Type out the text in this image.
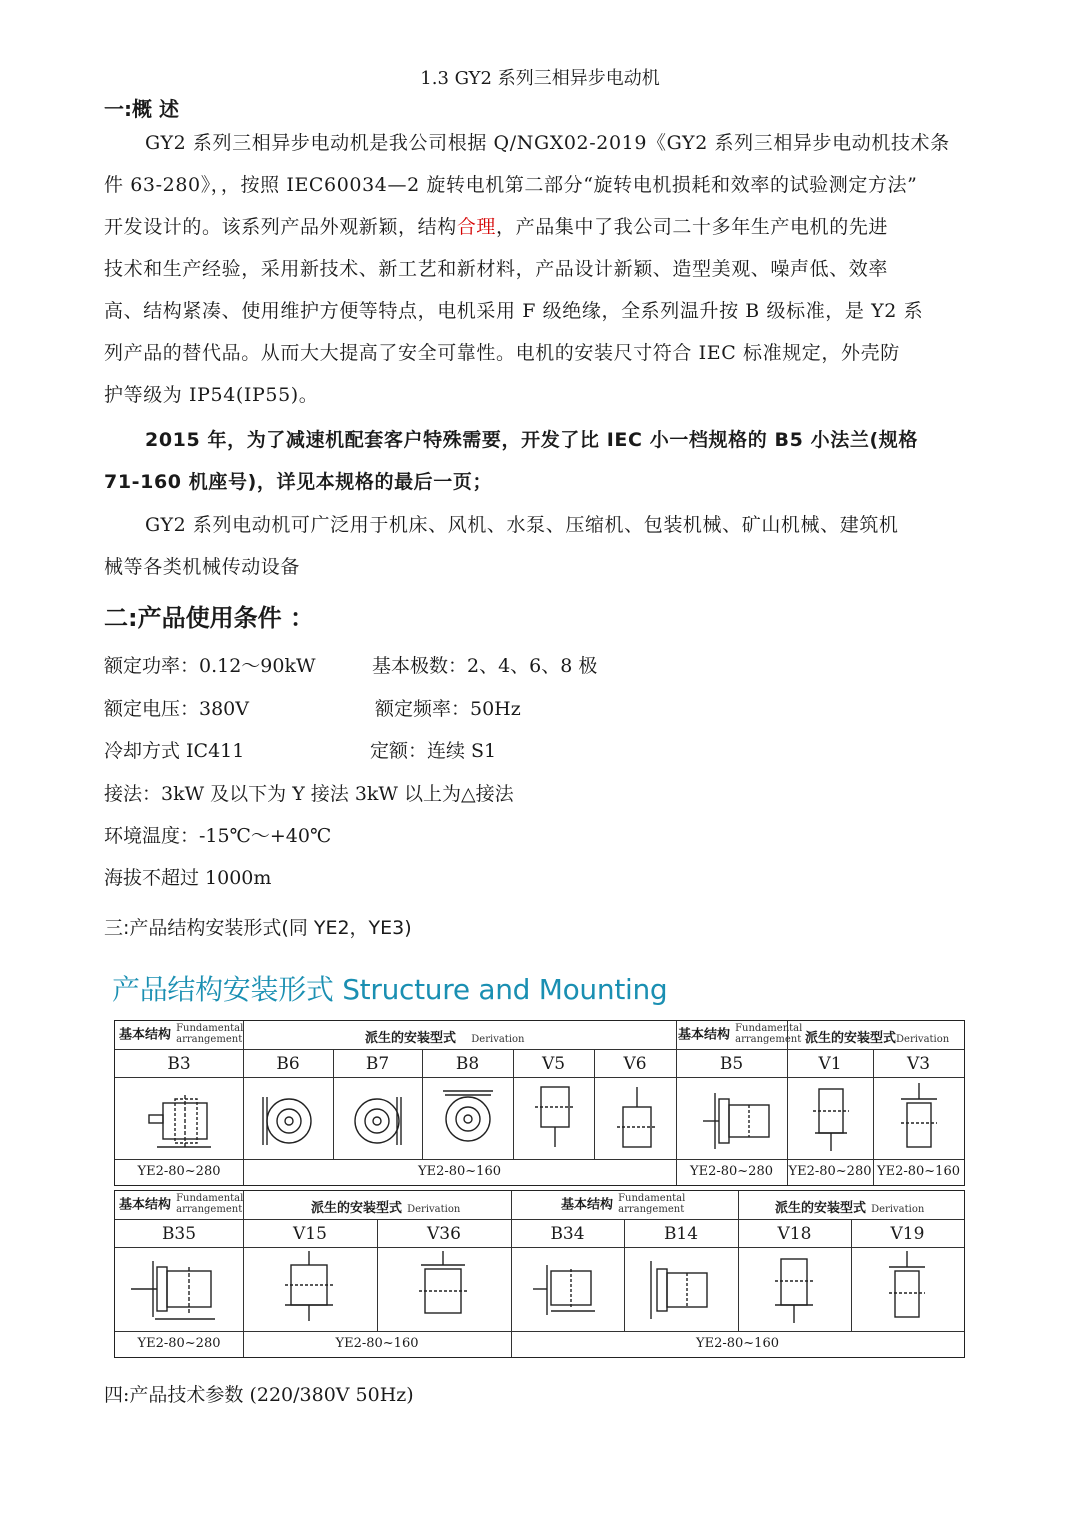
1.3 GY2 系列三相异步电动机
一:概 述
GY2 系列三相异步电动机是我公司根据 Q/NGX02-2019《GY2 系列三相异步电动机技术条
件 63-280》，，按照 IEC60034—2 旋转电机第二部分“旋转电机损耗和效率的试验测定方法”
开发设计的。该系列产品外观新颖，结构合理，产品集中了我公司二十多年生产电机的先进
技术和生产经验，采用新技术、新工艺和新材料，产品设计新颖、造型美观、噪声低、效率
高、结构紧凑、使用维护方便等特点，电机采用 F 级绝缘，全系列温升按 B 级标准，是 Y2 系
列产品的替代品。从而大大提高了安全可靠性。电机的安装尺寸符合 IEC 标准规定，外壳防
护等级为 IP54(IP55)。
2015 年，为了减速机配套客户特殊需要，开发了比 IEC 小一档规格的 B5 小法兰(规格
71-160 机座号)，详见本规格的最后一页；
GY2 系列电动机可广泛用于机床、风机、水泵、压缩机、包装机械、矿山机械、建筑机
械等各类机械传动设备
二:产品使用条件 ：
额定功率：0.12～90kW	基本极数：2、4、6、8 极
额定电压：380V	额定频率：50Hz
冷却方式 IC411	定额：连续 S1
接法：3kW 及以下为 Y 接法 3kW 以上为△接法
环境温度：-15℃～+40℃
海拔不超过 1000m
三:产品结构安装形式(同 YE2，YE3)
产品结构安装形式 Structure and Mounting
基本结构 Fundamental
arrangement	派生的安装型式 Derivation	基本结构 Fundamental
arrangement 派生的安装型式Derivation
B3	B6	B7	B8	V5	V6	B5	V1	V3
YE2-80~280	YE2-80~160	YE2-80~280	YE2-80~280 YE2-80~160
基本结构 Fundamental
arrangement	派生的安装型式 Derivation	基本结构 Fundamental
arrangement	派生的安装型式 Derivation
B35	V15	V36	B34	B14	V18	V19
YE2-80~280	YE2-80~160	YE2-80~160
四:产品技术参数 (220/380V 50Hz)
